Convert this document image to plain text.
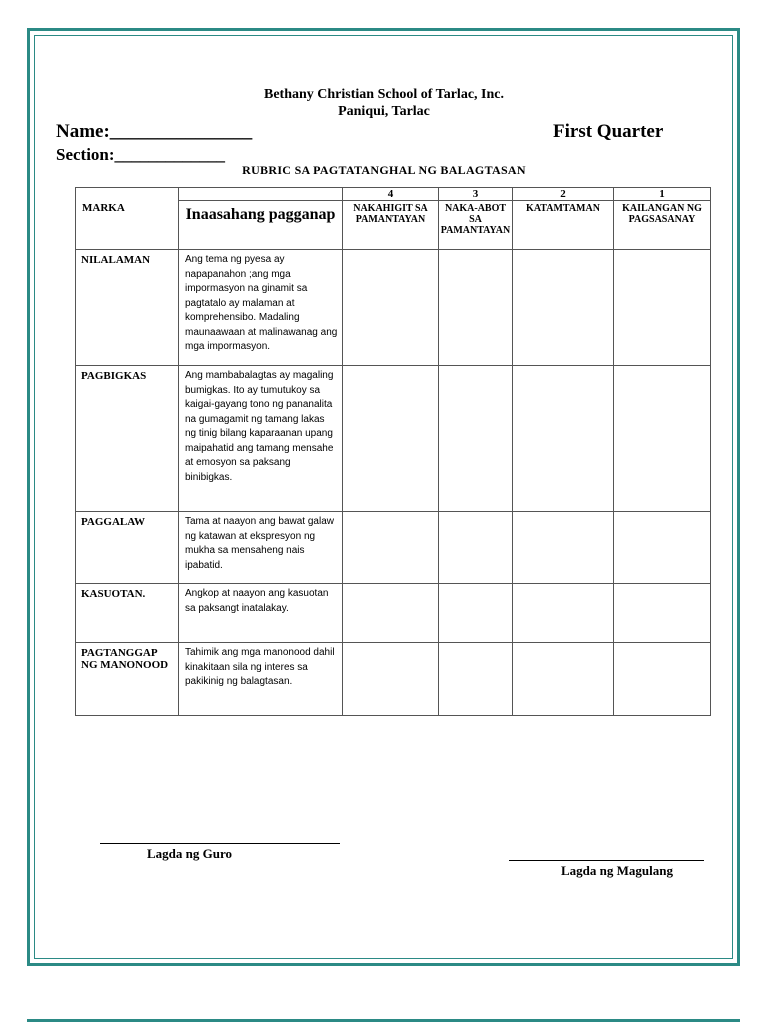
Bethany Christian School of Tarlac, Inc.
Paniqui, Tarlac
Name:_______________
Section:_____________
First Quarter
RUBRIC SA PAGTATANGHAL NG BALAGTASAN
MARKA		4	3	2	1
	Inaasahang pagganap	NAKAHIGIT SA PAMANTAYAN	NAKA-ABOT SA PAMANTAYAN	KATAMTAMAN	KAILANGAN NG PAGSASANAY
NILALAMAN	Ang tema ng pyesa ay napapanahon ;ang mga impormasyon na ginamit sa pagtatalo ay malaman at komprehensibo. Madaling maunaawaan at malinawanag ang mga impormasyon.				
PAGBIGKAS	Ang mambabalagtas ay magaling bumigkas. Ito ay tumutukoy sa kaigai-gayang tono ng pananalita na gumagamit ng tamang lakas ng tinig bilang kaparaanan upang maipahatid ang tamang mensahe at emosyon sa paksang binibigkas.				
PAGGALAW	Tama at naayon ang bawat galaw ng katawan at ekspresyon ng mukha sa mensaheng nais ipabatid.				
KASUOTAN.	Angkop at naayon ang kasuotan sa paksangt inatalakay.				
PAGTANGGAP NG MANONOOD	Tahimik ang mga manonood dahil kinakitaan sila ng interes sa pakikinig ng balagtasan.				
Lagda ng Guro
Lagda ng Magulang
